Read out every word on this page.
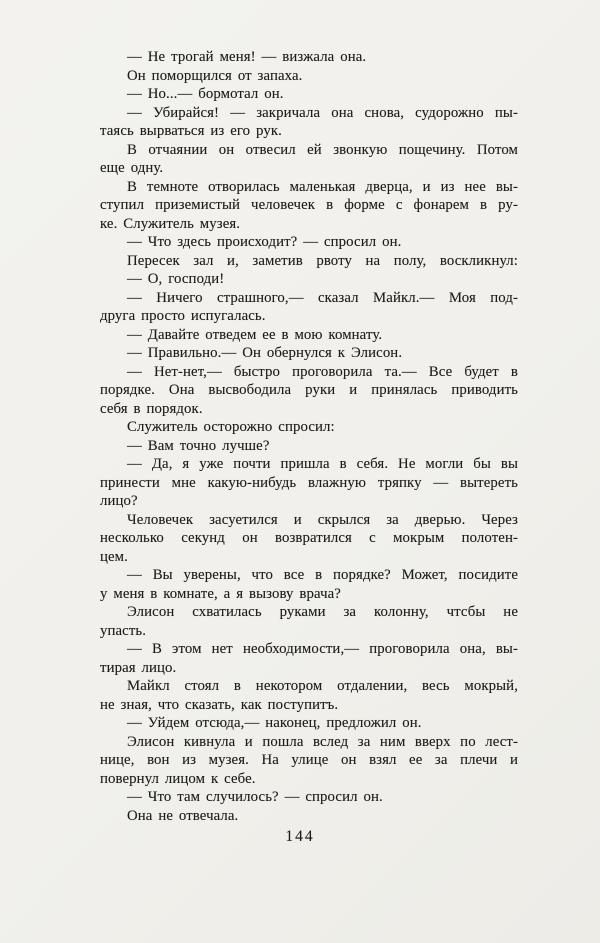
— Не трогай меня! — визжала она.
Он поморщился от запаха.
— Но...— бормотал он.
— Убирайся! — закричала она снова, судорожно пы-
таясь вырваться из его рук.
В отчаянии он отвесил ей звонкую пощечину. Потом
еще одну.
В темноте отворилась маленькая дверца, и из нее вы-
ступил приземистый человечек в форме с фонарем в ру-
ке. Служитель музея.
— Что здесь происходит? — спросил он.
Пересек зал и, заметив рвоту на полу, воскликнул:
— О, господи!
— Ничего страшного,— сказал Майкл.— Моя под-
друга просто испугалась.
— Давайте отведем ее в мою комнату.
— Правильно.— Он обернулся к Элисон.
— Нет-нет,— быстро проговорила та.— Все будет в
порядке. Она высвободила руки и принялась приводить
себя в порядок.
Служитель осторожно спросил:
— Вам точно лучше?
— Да, я уже почти пришла в себя. Не могли бы вы
принести мне какую-нибудь влажную тряпку — вытереть
лицо?
Человечек засуетился и скрылся за дверью. Через
несколько секунд он возвратился с мокрым полотен-
цем.
— Вы уверены, что все в порядке? Может, посидите
у меня в комнате, а я вызову врача?
Элисон схватилась руками за колонну, чтсбы не
упасть.
— В этом нет необходимости,— проговорила она, вы-
тирая лицо.
Майкл стоял в некотором отдалении, весь мокрый,
не зная, что сказать, как поступитъ.
— Уйдем отсюда,— наконец, предложил он.
Элисон кивнула и пошла вслед за ним вверх по лест-
нице, вон из музея. На улице он взял ее за плечи и
повернул лицом к себе.
— Что там случилось? — спросил он.
Она не отвечала.
144
